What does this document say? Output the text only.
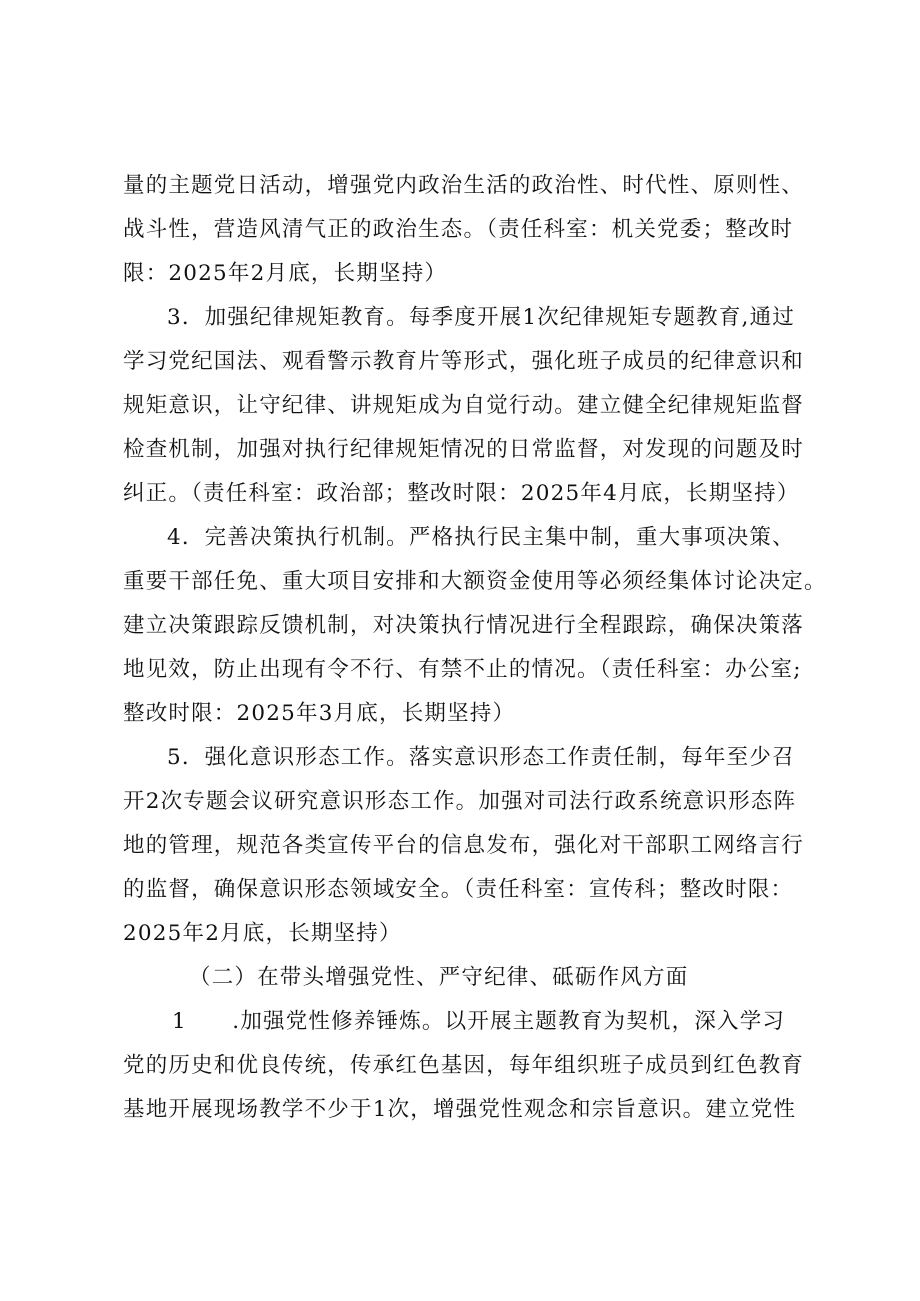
量的主题党日活动，增强党内政治生活的政治性、时代性、原则性、
战斗性，营造风清气正的政治生态。（责任科室：机关党委；整改时
限：2025年2月底，长期坚持）
3．加强纪律规矩教育。每季度开展1次纪律规矩专题教育,通过
学习党纪国法、观看警示教育片等形式，强化班子成员的纪律意识和
规矩意识，让守纪律、讲规矩成为自觉行动。建立健全纪律规矩监督
检查机制，加强对执行纪律规矩情况的日常监督，对发现的问题及时
纠正。（责任科室：政治部；整改时限：2025年4月底，长期坚持）
4．完善决策执行机制。严格执行民主集中制，重大事项决策、
重要干部任免、重大项目安排和大额资金使用等必须经集体讨论决定。
建立决策跟踪反馈机制，对决策执行情况进行全程跟踪，确保决策落
地见效，防止出现有令不行、有禁不止的情况。（责任科室：办公室;
整改时限：2025年3月底，长期坚持）
5．强化意识形态工作。落实意识形态工作责任制，每年至少召
开2次专题会议研究意识形态工作。加强对司法行政系统意识形态阵
地的管理，规范各类宣传平台的信息发布，强化对干部职工网络言行
的监督，确保意识形态领域安全。（责任科室：宣传科；整改时限：
2025年2月底，长期坚持）
（二）在带头增强党性、严守纪律、砥砺作风方面
1　　.加强党性修养锤炼。以开展主题教育为契机，深入学习
党的历史和优良传统，传承红色基因，每年组织班子成员到红色教育
基地开展现场教学不少于1次，增强党性观念和宗旨意识。建立党性
